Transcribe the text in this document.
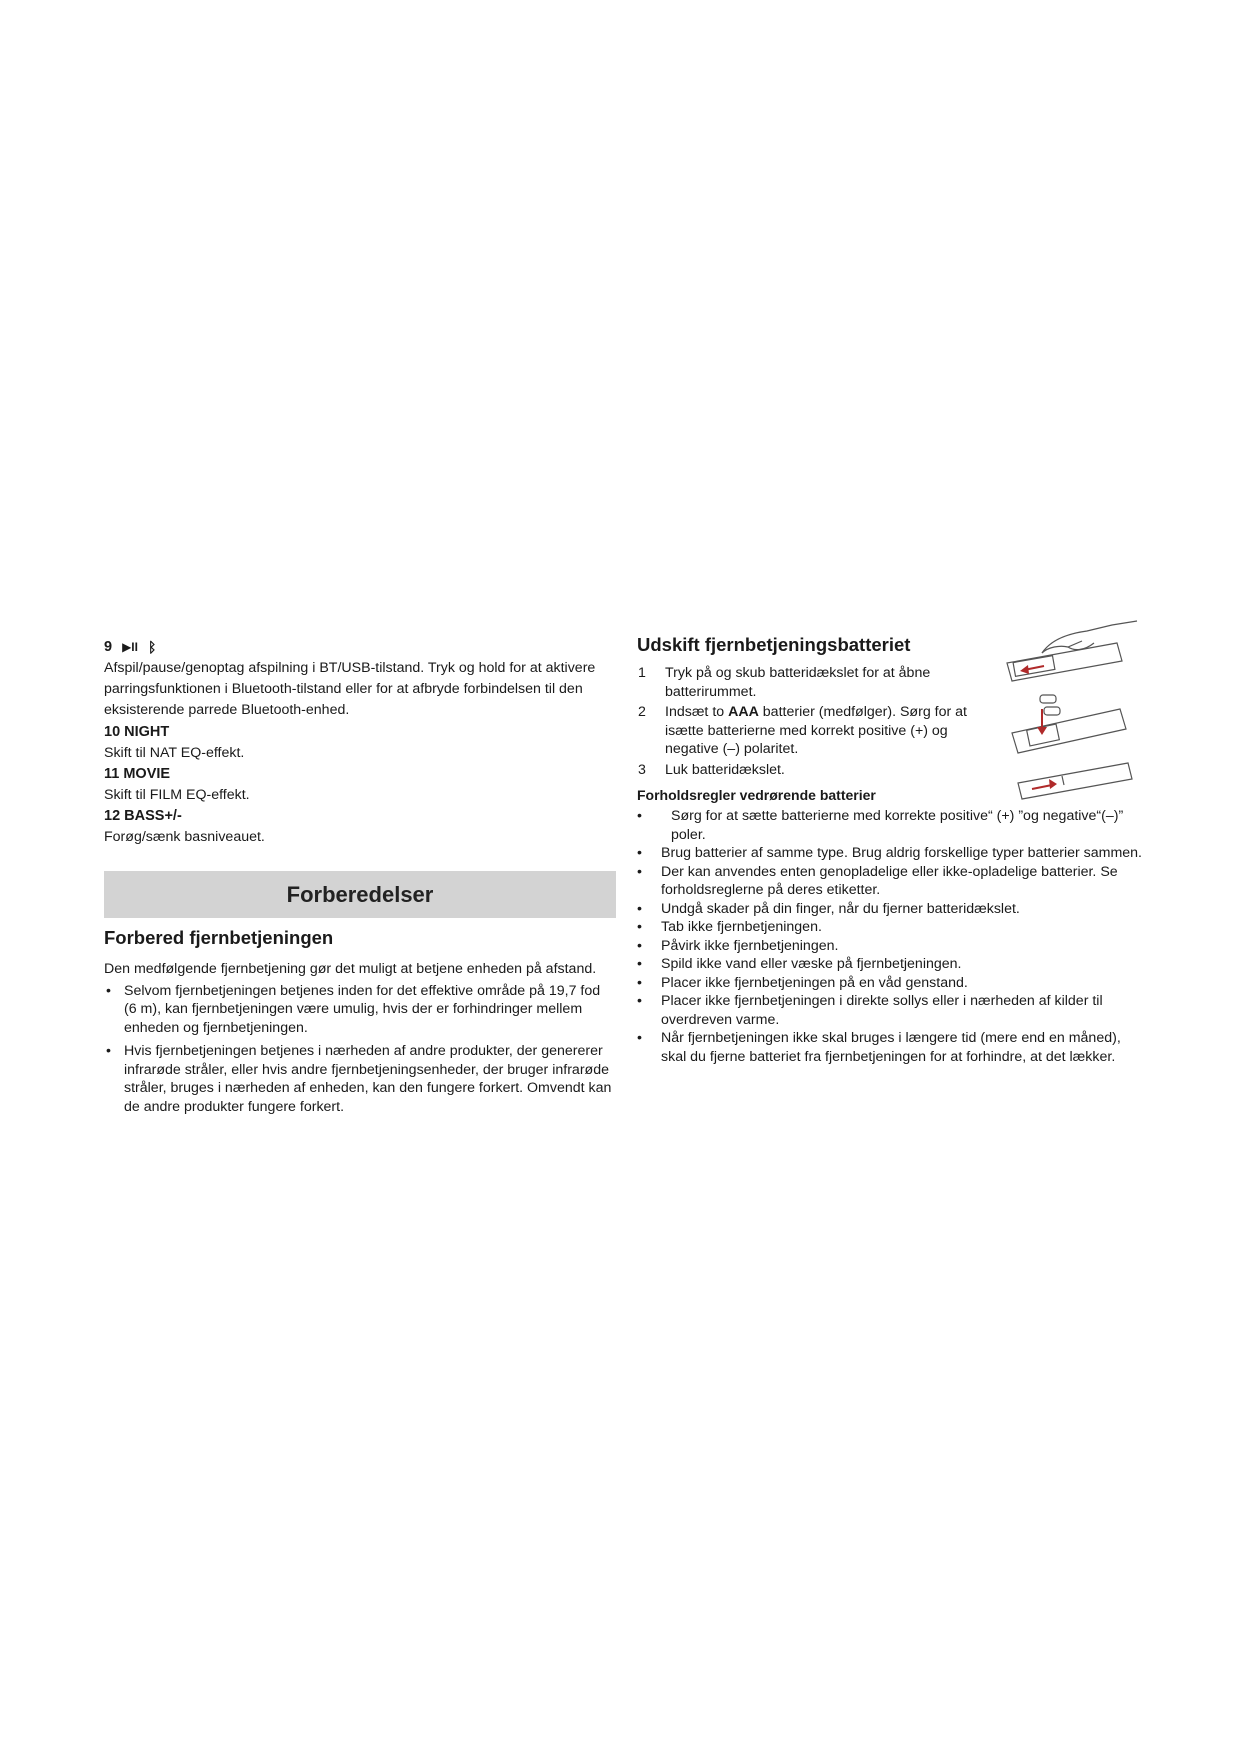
9 ▶II ᛒ

Afspil/pause/genoptag afspilning i BT/USB-tilstand. Tryk og hold for at aktivere parringsfunktionen i Bluetooth-tilstand eller for at afbryde forbindelsen til den eksisterende parrede Bluetooth-enhed.

10 NIGHT

Skift til NAT EQ-effekt.

11 MOVIE

Skift til FILM EQ-effekt.

12 BASS+/-

Forøg/sænk basniveauet.

Forberedelser

Forbered fjernbetjeningen

Den medfølgende fjernbetjening gør det muligt at betjene enheden på afstand.

• Selvom fjernbetjeningen betjenes inden for det effektive område på 19,7 fod (6 m), kan fjernbetjeningen være umulig, hvis der er forhindringer mellem enheden og fjernbetjeningen.
• Hvis fjernbetjeningen betjenes i nærheden af andre produkter, der genererer infrarøde stråler, eller hvis andre fjernbetjeningsenheder, der bruger infrarøde stråler, bruges i nærheden af enheden, kan den fungere forkert. Omvendt kan de andre produkter fungere forkert.

Udskift fjernbetjeningsbatteriet

1 Tryk på og skub batteridækslet for at åbne batterirummet.
2 Indsæt to AAA batterier (medfølger). Sørg for at isætte batterierne med korrekt positive (+) og negative (–) polaritet.
3 Luk batteridækslet.

Forholdsregler vedrørende batterier

•	Sørg for at sætte batterierne med korrekte positive“ (+) ”og negative“(–)” poler.
•	Brug batterier af samme type. Brug aldrig forskellige typer batterier sammen.
•	Der kan anvendes enten genopladelige eller ikke-opladelige batterier. Se forholdsreglerne på deres etiketter.
•	Undgå skader på din finger, når du fjerner batteridækslet.
•	Tab ikke fjernbetjeningen.
•	Påvirk ikke fjernbetjeningen.
•	Spild ikke vand eller væske på fjernbetjeningen.
•	Placer ikke fjernbetjeningen på en våd genstand.
•	Placer ikke fjernbetjeningen i direkte sollys eller i nærheden af kilder til overdreven varme.
•	Når fjernbetjeningen ikke skal bruges i længere tid (mere end en måned), skal du fjerne batteriet fra fjernbetjeningen for at forhindre, at det lækker.
